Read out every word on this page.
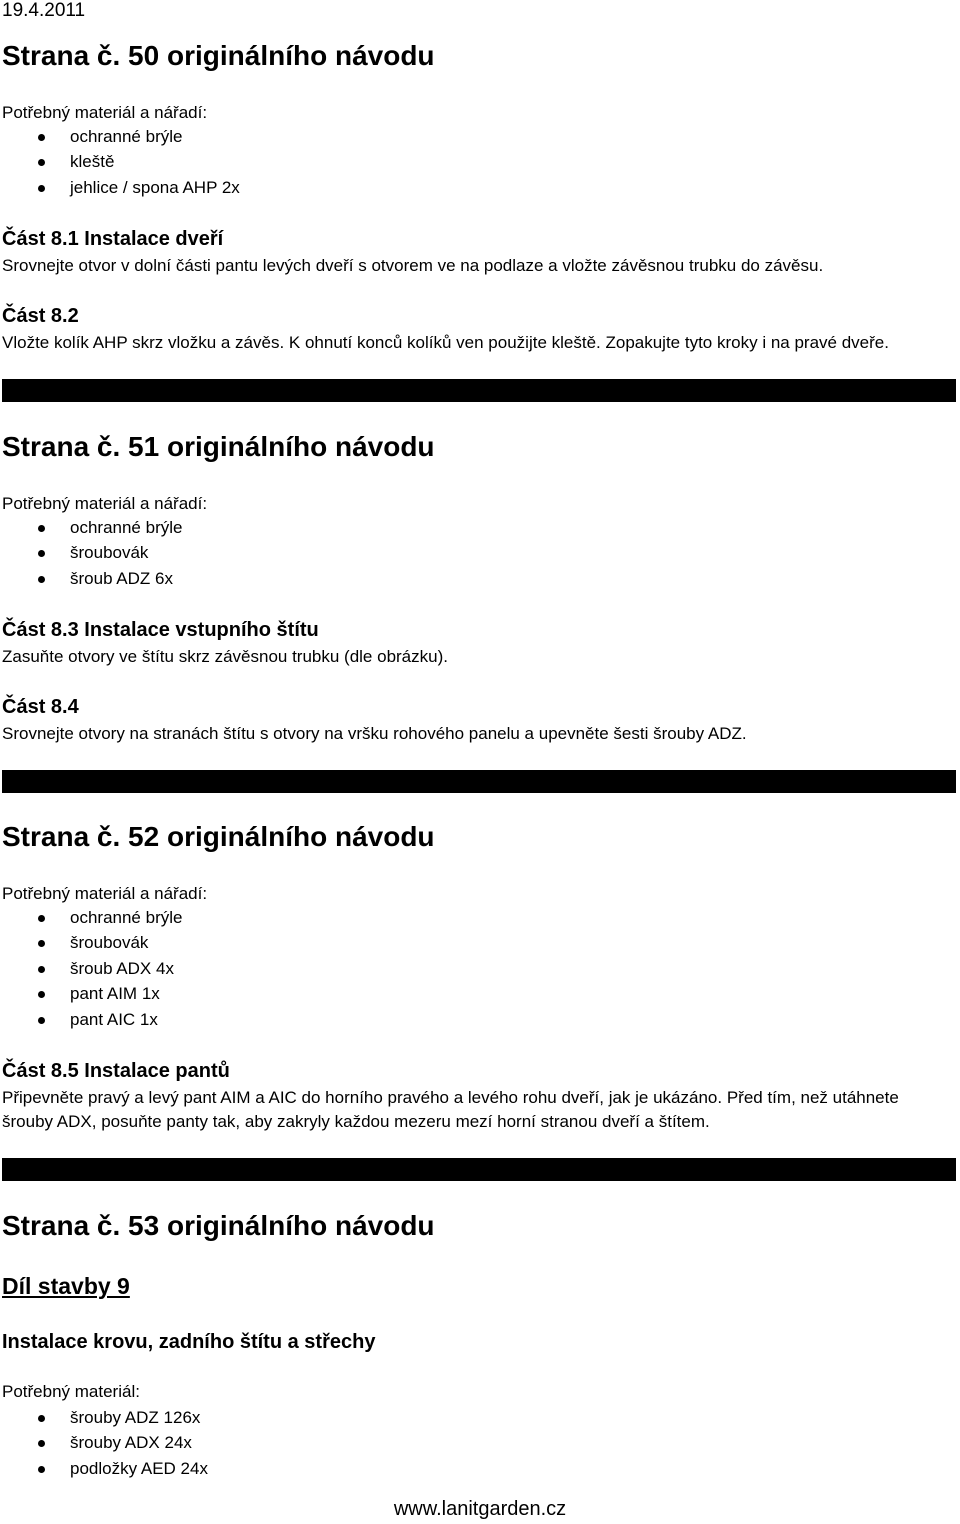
19.4.2011
Strana č. 50 originálního návodu
Potřebný materiál a nářadí:
ochranné brýle
kleště
jehlice / spona AHP 2x
Část 8.1 Instalace dveří
Srovnejte otvor v dolní části pantu levých dveří s otvorem ve na podlaze a vložte závěsnou trubku do závěsu.
Část 8.2
Vložte kolík AHP skrz vložku a závěs. K ohnutí konců kolíků ven použijte kleště. Zopakujte tyto kroky i na pravé dveře.
Strana č. 51 originálního návodu
Potřebný materiál a nářadí:
ochranné brýle
šroubovák
šroub ADZ 6x
Část 8.3 Instalace vstupního štítu
Zasuňte otvory ve štítu skrz závěsnou trubku (dle obrázku).
Část 8.4
Srovnejte otvory na stranách štítu s otvory na vršku rohového panelu a upevněte šesti šrouby ADZ.
Strana č. 52 originálního návodu
Potřebný materiál a nářadí:
ochranné brýle
šroubovák
šroub ADX 4x
pant AIM 1x
pant AIC 1x
Část 8.5 Instalace pantů
Připevněte pravý a levý pant AIM a AIC do horního pravého a levého rohu dveří, jak je ukázáno. Před tím, než utáhnete
šrouby ADX, posuňte panty tak, aby zakryly každou mezeru mezí horní stranou dveří a štítem.
Strana č. 53 originálního návodu
Díl stavby 9
Instalace krovu, zadního štítu a střechy
Potřebný materiál:
šrouby ADZ 126x
šrouby ADX 24x
podložky AED 24x
www.lanitgarden.cz
